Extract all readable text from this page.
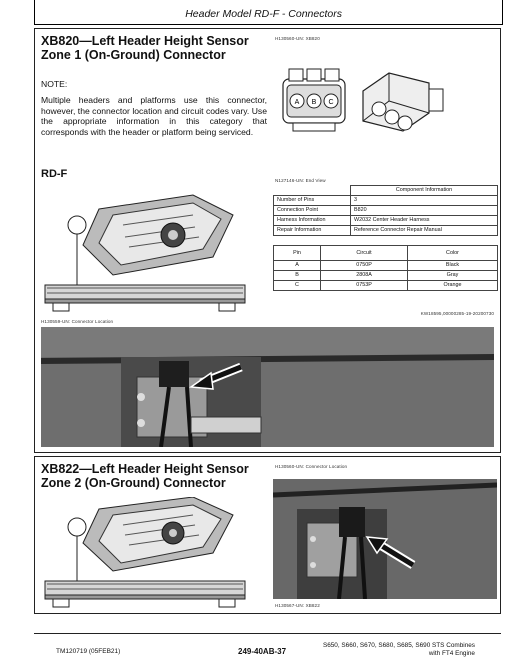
Header Model RD-F - Connectors
XB820—Left Header Height Sensor Zone 1 (On-Ground) Connector
H130560-UN: XB820
A B C
NOTE:
Multiple headers and platforms use this connector, however, the connector location and circuit codes vary. Use the appropriate information in this category that corresponds with the header or platform being serviced.
RD-F
N127146-UN: End View
	Component Information
Number of Pins	3
Connection Point	B820
Harness Information	W2032 Center Header Harness
Repair Information	Reference Connector Repair Manual
Pin	Circuit	Color
A	0750P	Black
B	2808A	Gray
C	0753P	Orange
KW18595,00000285-19-20200730
H130559-UN: Connector Location
XB822—Left Header Height Sensor Zone 2 (On-Ground) Connector
H130560-UN: Connector Location
H130567-UN: XB822
TM120719 (05FEB21)	249-40AB-37
S650, S660, S670, S680, S685, S690 STS Combines
with FT4 Engine
